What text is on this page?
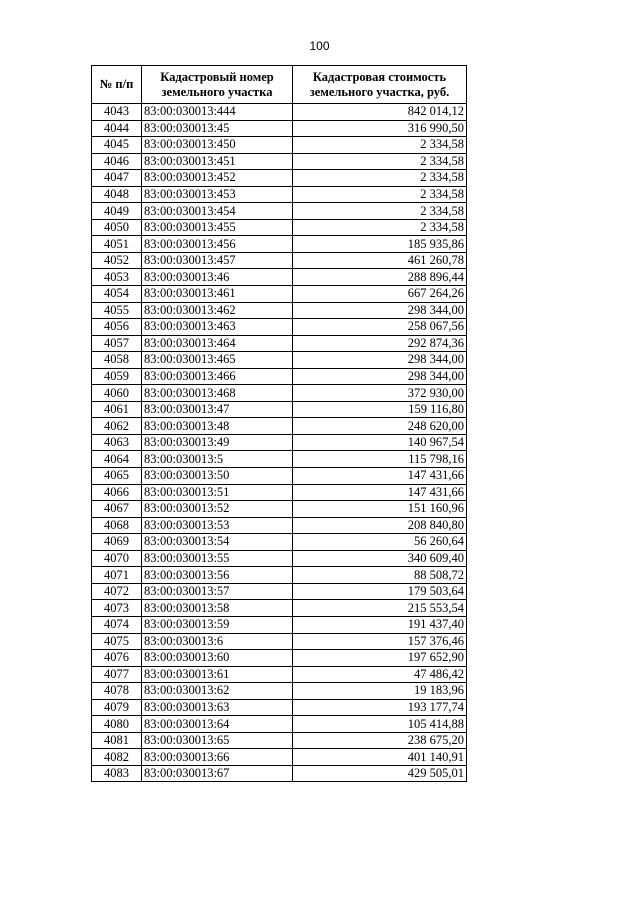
100
№ п/п	Кадастровый номер земельного участка	Кадастровая стоимость земельного участка, руб.
4043	83:00:030013:444	842 014,12
4044	83:00:030013:45	316 990,50
4045	83:00:030013:450	2 334,58
4046	83:00:030013:451	2 334,58
4047	83:00:030013:452	2 334,58
4048	83:00:030013:453	2 334,58
4049	83:00:030013:454	2 334,58
4050	83:00:030013:455	2 334,58
4051	83:00:030013:456	185 935,86
4052	83:00:030013:457	461 260,78
4053	83:00:030013:46	288 896,44
4054	83:00:030013:461	667 264,26
4055	83:00:030013:462	298 344,00
4056	83:00:030013:463	258 067,56
4057	83:00:030013:464	292 874,36
4058	83:00:030013:465	298 344,00
4059	83:00:030013:466	298 344,00
4060	83:00:030013:468	372 930,00
4061	83:00:030013:47	159 116,80
4062	83:00:030013:48	248 620,00
4063	83:00:030013:49	140 967,54
4064	83:00:030013:5	115 798,16
4065	83:00:030013:50	147 431,66
4066	83:00:030013:51	147 431,66
4067	83:00:030013:52	151 160,96
4068	83:00:030013:53	208 840,80
4069	83:00:030013:54	56 260,64
4070	83:00:030013:55	340 609,40
4071	83:00:030013:56	88 508,72
4072	83:00:030013:57	179 503,64
4073	83:00:030013:58	215 553,54
4074	83:00:030013:59	191 437,40
4075	83:00:030013:6	157 376,46
4076	83:00:030013:60	197 652,90
4077	83:00:030013:61	47 486,42
4078	83:00:030013:62	19 183,96
4079	83:00:030013:63	193 177,74
4080	83:00:030013:64	105 414,88
4081	83:00:030013:65	238 675,20
4082	83:00:030013:66	401 140,91
4083	83:00:030013:67	429 505,01
